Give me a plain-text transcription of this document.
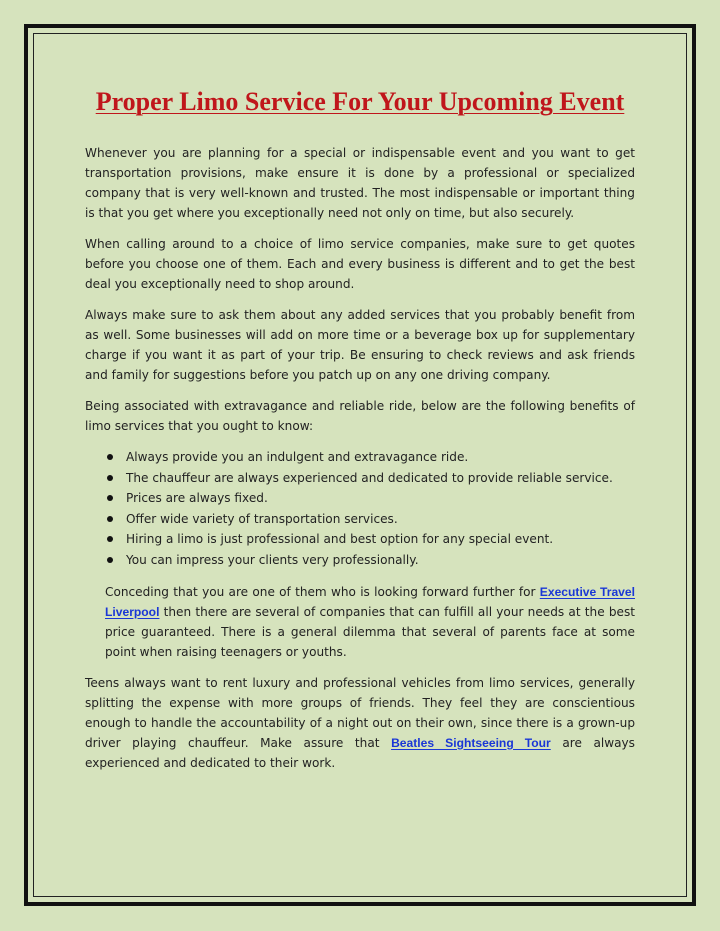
Proper Limo Service For Your Upcoming Event

Whenever you are planning for a special or indispensable event and you want to get transportation provisions, make ensure it is done by a professional or specialized company that is very well-known and trusted. The most indispensable or important thing is that you get where you exceptionally need not only on time, but also securely.

When calling around to a choice of limo service companies, make sure to get quotes before you choose one of them. Each and every business is different and to get the best deal you exceptionally need to shop around.

Always make sure to ask them about any added services that you probably benefit from as well. Some businesses will add on more time or a beverage box up for supplementary charge if you want it as part of your trip. Be ensuring to check reviews and ask friends and family for suggestions before you patch up on any one driving company.

Being associated with extravagance and reliable ride, below are the following benefits of limo services that you ought to know:

Always provide you an indulgent and extravagance ride.
The chauffeur are always experienced and dedicated to provide reliable service.
Prices are always fixed.
Offer wide variety of transportation services.
Hiring a limo is just professional and best option for any special event.
You can impress your clients very professionally.

Conceding that you are one of them who is looking forward further for Executive Travel Liverpool then there are several of companies that can fulfill all your needs at the best price guaranteed. There is a general dilemma that several of parents face at some point when raising teenagers or youths.

Teens always want to rent luxury and professional vehicles from limo services, generally splitting the expense with more groups of friends. They feel they are conscientious enough to handle the accountability of a night out on their own, since there is a grown-up driver playing chauffeur. Make assure that Beatles Sightseeing Tour are always experienced and dedicated to their work.
